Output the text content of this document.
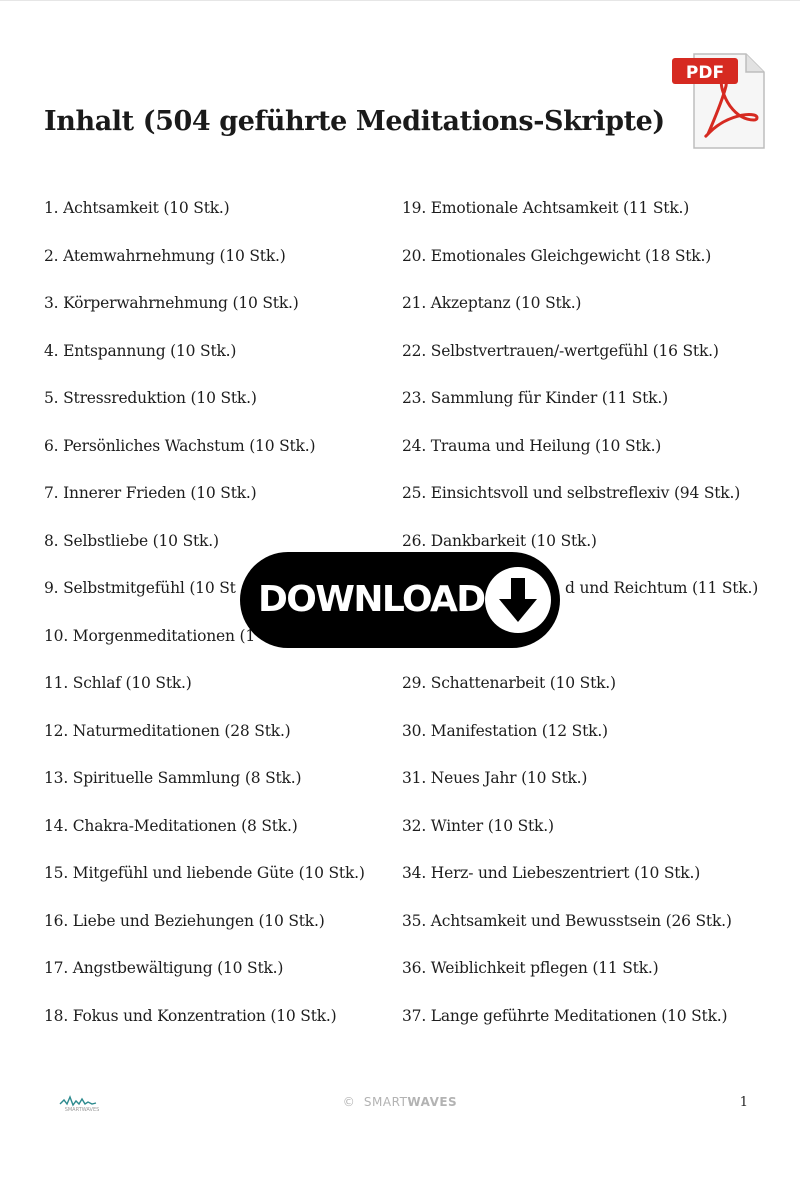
Inhalt (504 geführte Meditations-Skripte)
PDF
1. Achtsamkeit (10 Stk.)
2. Atemwahrnehmung (10 Stk.)
3. Körperwahrnehmung (10 Stk.)
4. Entspannung (10 Stk.)
5. Stressreduktion (10 Stk.)
6. Persönliches Wachstum (10 Stk.)
7. Innerer Frieden (10 Stk.)
8. Selbstliebe (10 Stk.)
9. Selbstmitgefühl (10 St
10. Morgenmeditationen (1
11. Schlaf (10 Stk.)
12. Naturmeditationen (28 Stk.)
13. Spirituelle Sammlung (8 Stk.)
14. Chakra-Meditationen (8 Stk.)
15. Mitgefühl und liebende Güte (10 Stk.)
16. Liebe und Beziehungen (10 Stk.)
17. Angstbewältigung (10 Stk.)
18. Fokus und Konzentration (10 Stk.)
19. Emotionale Achtsamkeit (11 Stk.)
20. Emotionales Gleichgewicht (18 Stk.)
21. Akzeptanz (10 Stk.)
22. Selbstvertrauen/-wertgefühl (16 Stk.)
23. Sammlung für Kinder (11 Stk.)
24. Trauma und Heilung (10 Stk.)
25. Einsichtsvoll und selbstreflexiv (94 Stk.)
26. Dankbarkeit (10 Stk.)
d und Reichtum (11 Stk.)
29. Schattenarbeit (10 Stk.)
30. Manifestation (12 Stk.)
31. Neues Jahr (10 Stk.)
32. Winter (10 Stk.)
34. Herz- und Liebeszentriert (10 Stk.)
35. Achtsamkeit und Bewusstsein (26 Stk.)
36. Weiblichkeit pflegen (11 Stk.)
37. Lange geführte Meditationen (10 Stk.)
DOWNLOAD
SMARTWAVES
© SMARTWAVES	1
